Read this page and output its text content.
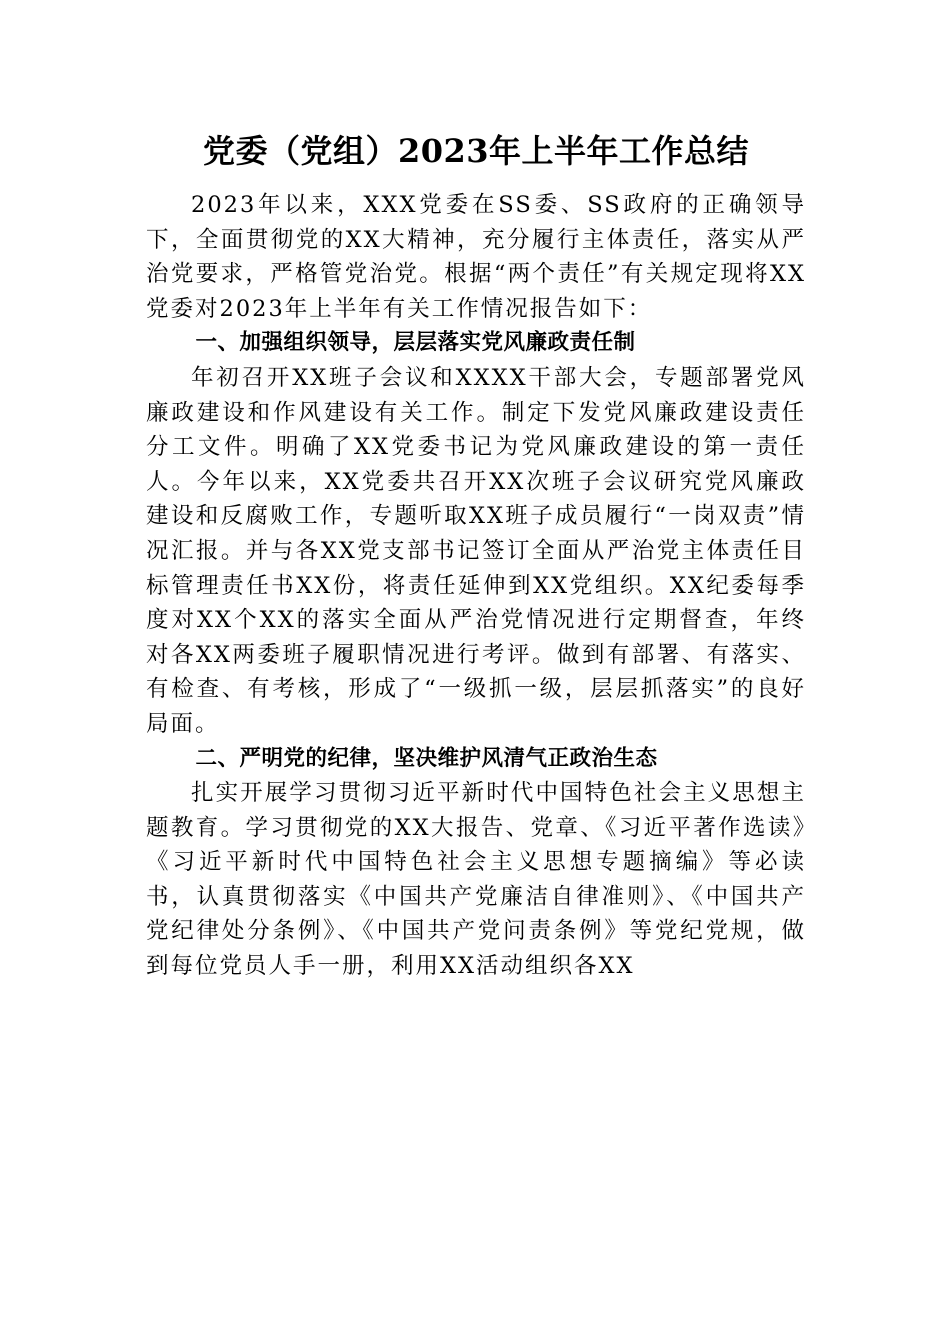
党委（党组）2023年上半年工作总结

2023年以来，XXX党委在SS委、SS政府的正确领导下，全面贯彻党的XX大精神，充分履行主体责任，落实从严治党要求，严格管党治党。根据“两个责任”有关规定现将XX党委对2023年上半年有关工作情况报告如下：

一、加强组织领导，层层落实党风廉政责任制

年初召开XX班子会议和XXXX干部大会，专题部署党风廉政建设和作风建设有关工作。制定下发党风廉政建设责任分工文件。明确了XX党委书记为党风廉政建设的第一责任人。今年以来，XX党委共召开XX次班子会议研究党风廉政建设和反腐败工作，专题听取XX班子成员履行“一岗双责”情况汇报。并与各XX党支部书记签订全面从严治党主体责任目标管理责任书XX份，将责任延伸到XX党组织。XX纪委每季度对XX个XX的落实全面从严治党情况进行定期督查，年终对各XX两委班子履职情况进行考评。做到有部署、有落实、有检查、有考核，形成了“一级抓一级，层层抓落实”的良好局面。

二、严明党的纪律，坚决维护风清气正政治生态

扎实开展学习贯彻习近平新时代中国特色社会主义思想主题教育。学习贯彻党的XX大报告、党章、《习近平著作选读》《习近平新时代中国特色社会主义思想专题摘编》等必读书，认真贯彻落实《中国共产党廉洁自律准则》、《中国共产党纪律处分条例》、《中国共产党问责条例》等党纪党规，做到每位党员人手一册，利用XX活动组织各XX
